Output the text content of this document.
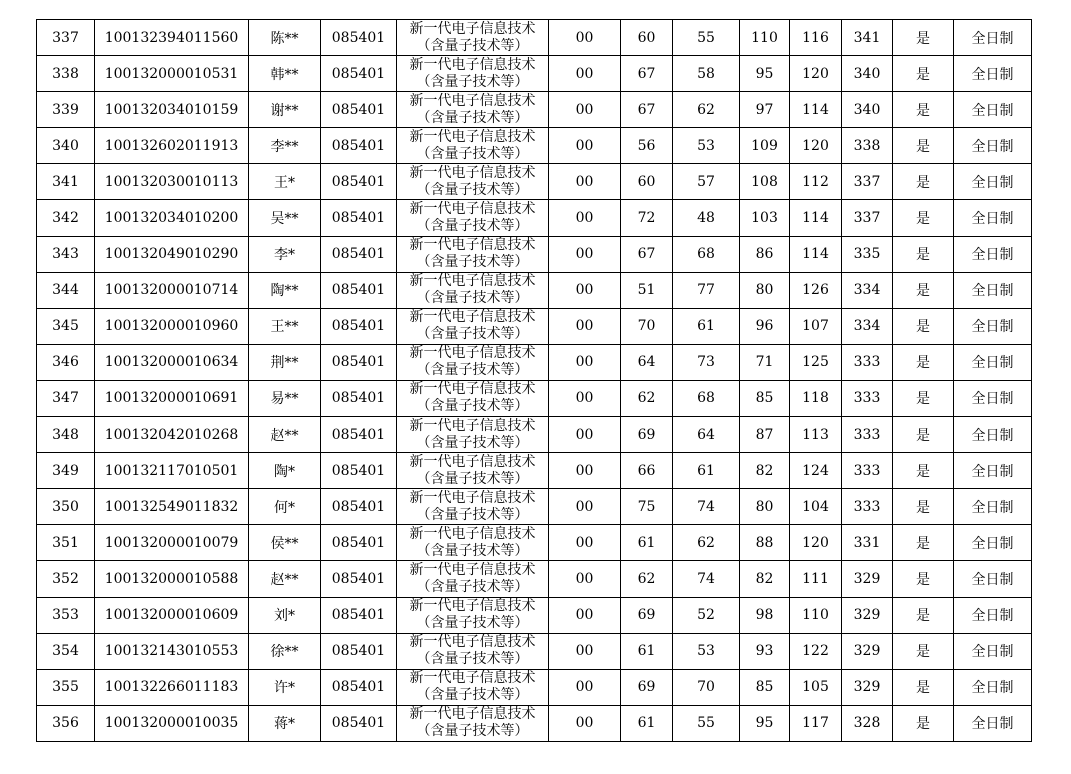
337	100132394011560	陈**	085401	新一代电子信息技术
（含量子技术等）	00	60	55	110	116	341	是	全日制
338	100132000010531	韩**	085401	新一代电子信息技术
（含量子技术等）	00	67	58	95	120	340	是	全日制
339	100132034010159	谢**	085401	新一代电子信息技术
（含量子技术等）	00	67	62	97	114	340	是	全日制
340	100132602011913	李**	085401	新一代电子信息技术
（含量子技术等）	00	56	53	109	120	338	是	全日制
341	100132030010113	王*	085401	新一代电子信息技术
（含量子技术等）	00	60	57	108	112	337	是	全日制
342	100132034010200	吴**	085401	新一代电子信息技术
（含量子技术等）	00	72	48	103	114	337	是	全日制
343	100132049010290	李*	085401	新一代电子信息技术
（含量子技术等）	00	67	68	86	114	335	是	全日制
344	100132000010714	陶**	085401	新一代电子信息技术
（含量子技术等）	00	51	77	80	126	334	是	全日制
345	100132000010960	王**	085401	新一代电子信息技术
（含量子技术等）	00	70	61	96	107	334	是	全日制
346	100132000010634	荆**	085401	新一代电子信息技术
（含量子技术等）	00	64	73	71	125	333	是	全日制
347	100132000010691	易**	085401	新一代电子信息技术
（含量子技术等）	00	62	68	85	118	333	是	全日制
348	100132042010268	赵**	085401	新一代电子信息技术
（含量子技术等）	00	69	64	87	113	333	是	全日制
349	100132117010501	陶*	085401	新一代电子信息技术
（含量子技术等）	00	66	61	82	124	333	是	全日制
350	100132549011832	何*	085401	新一代电子信息技术
（含量子技术等）	00	75	74	80	104	333	是	全日制
351	100132000010079	侯**	085401	新一代电子信息技术
（含量子技术等）	00	61	62	88	120	331	是	全日制
352	100132000010588	赵**	085401	新一代电子信息技术
（含量子技术等）	00	62	74	82	111	329	是	全日制
353	100132000010609	刘*	085401	新一代电子信息技术
（含量子技术等）	00	69	52	98	110	329	是	全日制
354	100132143010553	徐**	085401	新一代电子信息技术
（含量子技术等）	00	61	53	93	122	329	是	全日制
355	100132266011183	许*	085401	新一代电子信息技术
（含量子技术等）	00	69	70	85	105	329	是	全日制
356	100132000010035	蒋*	085401	新一代电子信息技术
（含量子技术等）	00	61	55	95	117	328	是	全日制
